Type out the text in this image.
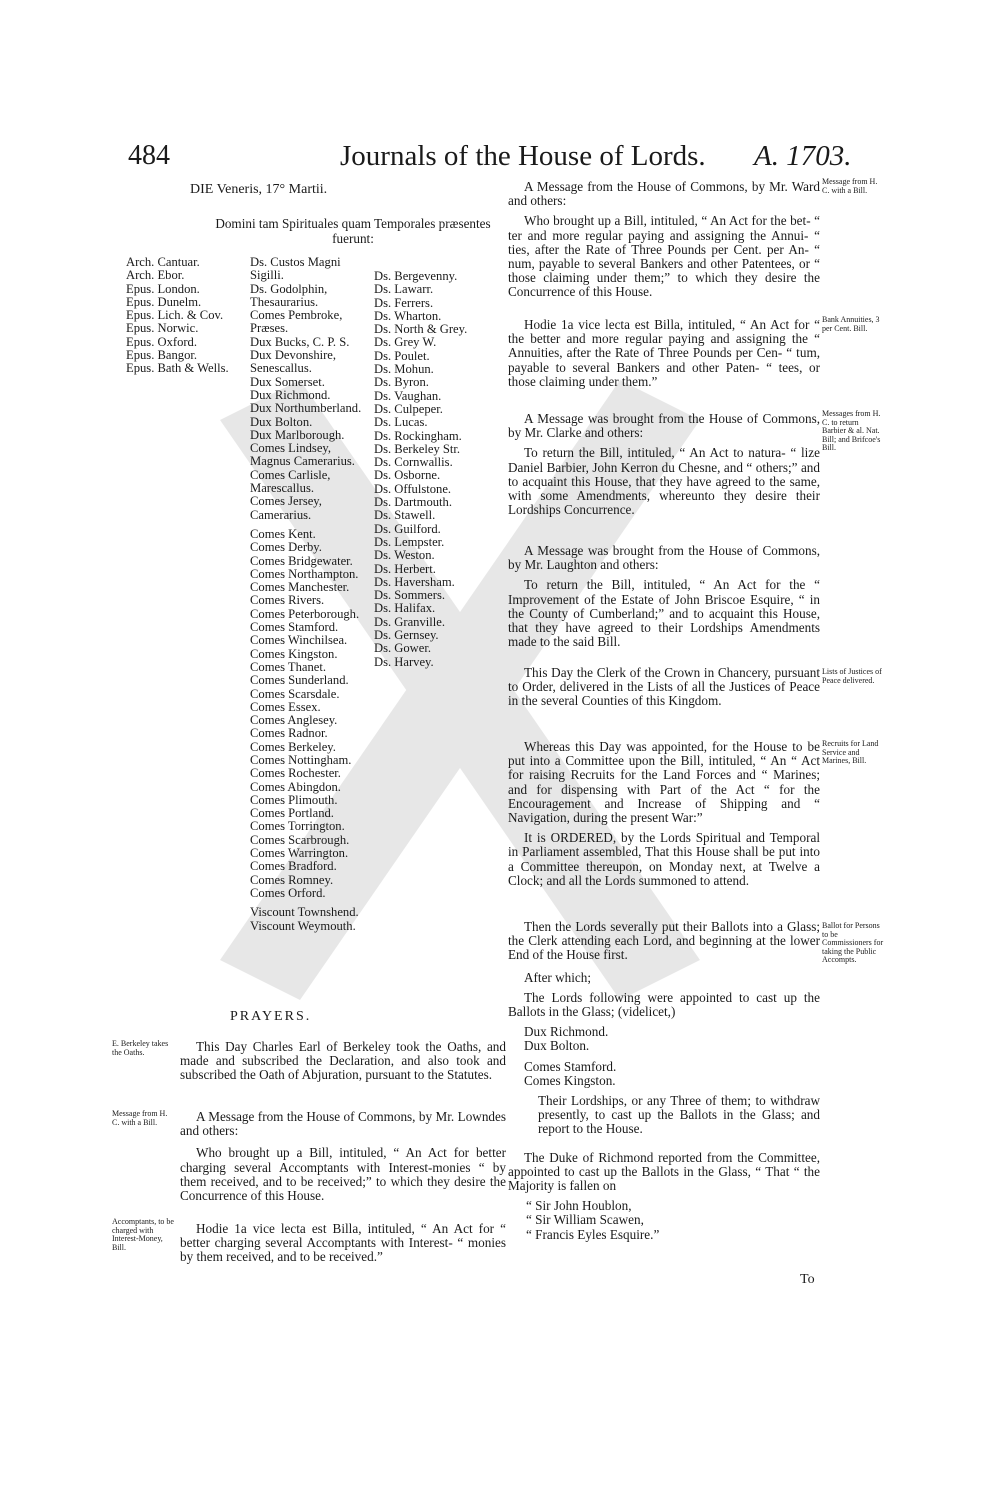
484	Journals of the House of Lords. A. 1703.
DIE Veneris, 17° Martii.
Domini tam Spirituales quam Temporales præsentes fuerunt:
Arch. Cantuar.
Arch. Ebor.
Epus. London.
Epus. Dunelm.
Epus. Lich. & Cov.
Epus. Norwic.
Epus. Oxford.
Epus. Bangor.
Epus. Bath & Wells.
Ds. Custos Magni Sigilli.
Ds. Godolphin, Thesaurarius.
Comes Pembroke, Præses.
Dux Bucks, C. P. S.
Dux Devonshire, Senescallus.
Dux Somerset.
Dux Richmond.
Dux Northumberland.
Dux Bolton.
Dux Marlborough.
Comes Lindsey, Magnus Camerarius.
Comes Carlisle, Marescallus.
Comes Jersey, Camerarius.
Comes Kent.
Comes Derby.
Comes Bridgewater.
Comes Northampton.
Comes Manchester.
Comes Rivers.
Comes Peterborough.
Comes Stamford.
Comes Winchilsea.
Comes Kingston.
Comes Thanet.
Comes Sunderland.
Comes Scarsdale.
Comes Essex.
Comes Anglesey.
Comes Radnor.
Comes Berkeley.
Comes Nottingham.
Comes Rochester.
Comes Abingdon.
Comes Plimouth.
Comes Portland.
Comes Torrington.
Comes Scarbrough.
Comes Warrington.
Comes Bradford.
Comes Romney.
Comes Orford.
Viscount Townshend.
Viscount Weymouth.
Ds. Bergevenny.
Ds. Lawarr.
Ds. Ferrers.
Ds. Wharton.
Ds. North & Grey.
Ds. Grey W.
Ds. Poulet.
Ds. Mohun.
Ds. Byron.
Ds. Vaughan.
Ds. Culpeper.
Ds. Lucas.
Ds. Rockingham.
Ds. Berkeley Str.
Ds. Cornwallis.
Ds. Osborne.
Ds. Offulstone.
Ds. Dartmouth.
Ds. Stawell.
Ds. Guilford.
Ds. Lempster.
Ds. Weston.
Ds. Herbert.
Ds. Haversham.
Ds. Sommers.
Ds. Halifax.
Ds. Granville.
Ds. Gernsey.
Ds. Gower.
Ds. Harvey.
PRAYERS.
E. Berkeley takes the Oaths.	This Day Charles Earl of Berkeley took the Oaths, and made and subscribed the Declaration, and also took and subscribed the Oath of Abjuration, pursuant to the Statutes.

Message from H. C. with a Bill.	A Message from the House of Commons, by Mr. Lowndes and others:

Who brought up a Bill, intituled, “ An Act for better charging several Accomptants with Interest-monies “ by them received, and to be received;” to which they desire the Concurrence of this House.

Accomptants, to be charged with Interest-Money, Bill.

Hodie 1a vice lecta est Billa, intituled, “ An Act for “ better charging several Accomptants with Interest- “ monies by them received, and to be received.”

Message from H. C. with a Bill.

A Message from the House of Commons, by Mr. Ward and others:

Who brought up a Bill, intituled, “ An Act for the bet- “ ter and more regular paying and assigning the Annui- “ ties, after the Rate of Three Pounds per Cent. per An- “ num, payable to several Bankers and other Patentees, or “ those claiming under them;” to which they desire the Concurrence of this House.

Bank Annuities, 3 per Cent. Bill.

Hodie 1a vice lecta est Billa, intituled, “ An Act for “ the better and more regular paying and assigning the “ Annuities, after the Rate of Three Pounds per Cen- “ tum, payable to several Bankers and other Paten- “ tees, or those claiming under them.”

Messages from H. C. to return Barbier & al. Nat. Bill; and Brifcoe's Bill.

A Message was brought from the House of Commons, by Mr. Clarke and others:

To return the Bill, intituled, “ An Act to natura- “ lize Daniel Barbier, John Kerron du Chesne, and “ others;” and to acquaint this House, that they have agreed to the same, with some Amendments, whereunto they desire their Lordships Concurrence.

A Message was brought from the House of Commons, by Mr. Laughton and others:

To return the Bill, intituled, “ An Act for the “ Improvement of the Estate of John Briscoe Esquire, “ in the County of Cumberland;” and to acquaint this House, that they have agreed to their Lordships Amendments made to the said Bill.

Lists of Justices of Peace delivered.

This Day the Clerk of the Crown in Chancery, pursuant to Order, delivered in the Lists of all the Justices of Peace in the several Counties of this Kingdom.

Recruits for Land Service and Marines, Bill.

Whereas this Day was appointed, for the House to be put into a Committee upon the Bill, intituled, “ An “ Act for raising Recruits for the Land Forces and “ Marines; and for dispensing with Part of the Act “ for the Encouragement and Increase of Shipping and “ Navigation, during the present War:”

It is ORDERED, by the Lords Spiritual and Temporal in Parliament assembled, That this House shall be put into a Committee thereupon, on Monday next, at Twelve a Clock; and all the Lords summoned to attend.

Ballot for Persons to be Commissioners for taking the Public Accompts.

Then the Lords severally put their Ballots into a Glass; the Clerk attending each Lord, and beginning at the lower End of the House first.

After which;

The Lords following were appointed to cast up the Ballots in the Glass; (videlicet,)

Dux Richmond.
Dux Bolton.
Comes Stamford.
Comes Kingston.

Their Lordships, or any Three of them; to withdraw presently, to cast up the Ballots in the Glass; and report to the House.

The Duke of Richmond reported from the Committee, appointed to cast up the Ballots in the Glass, “ That “ the Majority is fallen on

“ Sir John Houblon,
“ Sir William Scawen,
“ Francis Eyles Esquire.”
To
